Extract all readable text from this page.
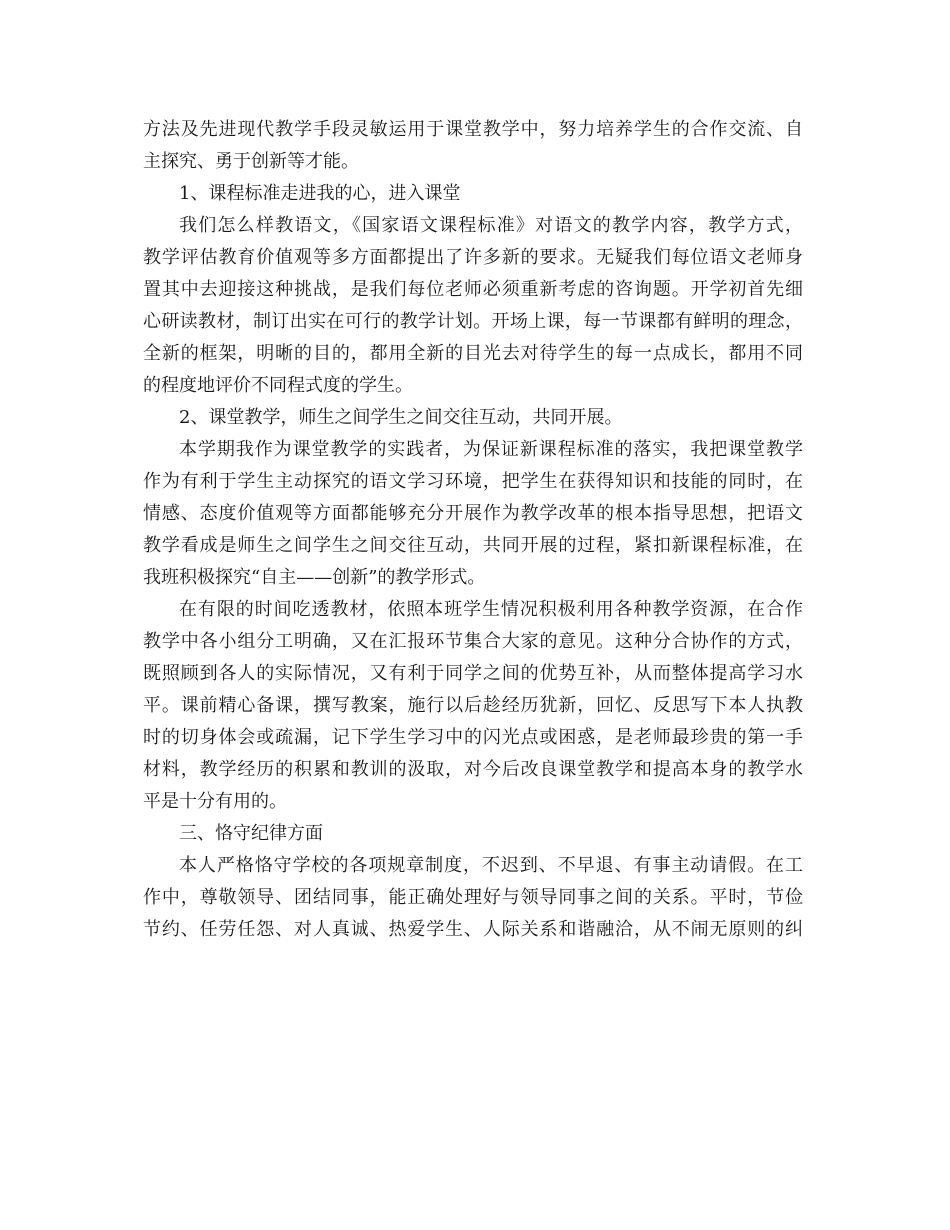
方法及先进现代教学手段灵敏运用于课堂教学中，努力培养学生的合作交流、自
主探究、勇于创新等才能。
1、课程标准走进我的心，进入课堂
我们怎么样教语文，《国家语文课程标准》对语文的教学内容，教学方式，
教学评估教育价值观等多方面都提出了许多新的要求。无疑我们每位语文老师身
置其中去迎接这种挑战，是我们每位老师必须重新考虑的咨询题。开学初首先细
心研读教材，制订出实在可行的教学计划。开场上课，每一节课都有鲜明的理念，
全新的框架，明晰的目的，都用全新的目光去对待学生的每一点成长，都用不同
的程度地评价不同程式度的学生。
2、课堂教学，师生之间学生之间交往互动，共同开展。
本学期我作为课堂教学的实践者，为保证新课程标准的落实，我把课堂教学
作为有利于学生主动探究的语文学习环境，把学生在获得知识和技能的同时，在
情感、态度价值观等方面都能够充分开展作为教学改革的根本指导思想，把语文
教学看成是师生之间学生之间交往互动，共同开展的过程，紧扣新课程标准，在
我班积极探究“自主——创新”的教学形式。
在有限的时间吃透教材，依照本班学生情况积极利用各种教学资源，在合作
教学中各小组分工明确，又在汇报环节集合大家的意见。这种分合协作的方式，
既照顾到各人的实际情况，又有利于同学之间的优势互补，从而整体提高学习水
平。课前精心备课，撰写教案，施行以后趁经历犹新，回忆、反思写下本人执教
时的切身体会或疏漏，记下学生学习中的闪光点或困惑，是老师最珍贵的第一手
材料，教学经历的积累和教训的汲取，对今后改良课堂教学和提高本身的教学水
平是十分有用的。
三、恪守纪律方面
本人严格恪守学校的各项规章制度，不迟到、不早退、有事主动请假。在工
作中，尊敬领导、团结同事，能正确处理好与领导同事之间的关系。平时，节俭
节约、任劳任怨、对人真诚、热爱学生、人际关系和谐融洽，从不闹无原则的纠
